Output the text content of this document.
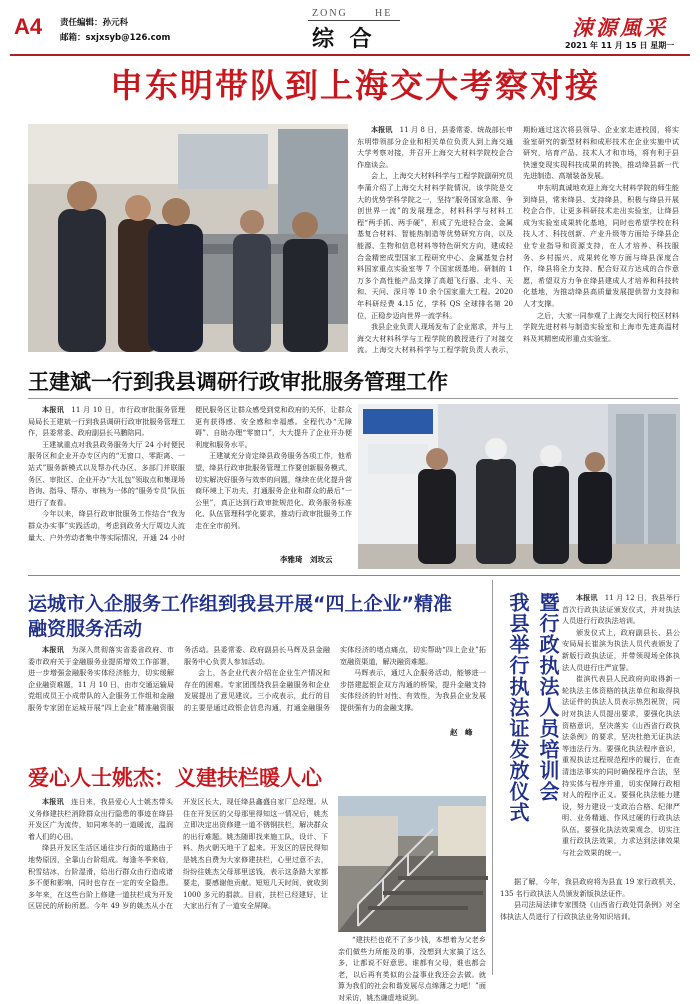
A4 责任编辑：孙元科
邮箱：sxjxsyb@126.com
ZONG	HE
综 合	涑源風采
2021 年 11 月 15 日 星期一
申东明带队到上海交大考察对接

本报讯　11 月 8 日，县委常委、统战部长申东明带领部分企业和相关单位负责人到上海交通大学考察对接，并召开上海交大材料学院校企合作座谈会。

会上，上海交大材料科学与工程学院副研究员李蒲介绍了上海交大材料学院情况，该学院是交大的优势学科学院之一，坚持“服务国家急需、争创世界一流”的发展理念，材料科学与材料工程“两手抓、两手硬”，形成了先进轻合金、金属基复合材料、智能热制造等优势研究方向，以及能源、生物和信息材料等特色研究方向，建成轻合金精密成型国家工程研究中心、金属基复合材料国家重点实验室等 7 个国家级基地。研制的 1 万多个高性能产品支撑了高超飞行器、北斗、天和、天问、深月等 10 余个国家重大工程。2020 年科研经费 4.15 亿，学科 QS 全球排名第 20 位，正稳步迈向世界一流学科。

我县企业负责人现场发布了企业需求，并与上海交大材料科学与工程学院的教授进行了对接交流。上海交大材料科学与工程学院负责人表示，期盼通过这次将县领导、企业家走进校园，将实验室研究的新型材料和成形技术在企业实施中试研究，培育产品、技术人才和市场，将有利于县快速变现实现科技成果的转换，推动绛县新一代先进制造、高端装备发展。

申东明真诚地欢迎上海交大材料学院的师生能到绛县，常来绛县、支持绛县，积极与绛县开展校企合作，让更多科研技术走出实验室，让绛县成为实验室成果转化基地，同时也希望学校在科技人才、科技创新、产业升级等方面给予绛县企业专业指导和资源支持，在人才培养、科技服务、乡村振兴、成果转化等方面与绛县深度合作，绛县将全力支持、配合好双方达成的合作意愿，希望双方力争在绛县建成人才培养和科技转化基地，为推动绛县高质量发展提供智力支持和人才支撑。

之后，大家一同参观了上海交大闵行校区材料学院先进材料与制造实验室和上海市先进高温材料及其精密成形重点实验室。

王建斌一行到我县调研行政审批服务管理工作

本报讯　11 月 10 日，市行政审批服务管理局局长王建斌一行到我县调研行政审批服务管理工作，县委常委、政府副县长马鹏陪同。

王建斌重点对我县政务服务大厅 24 小时便民服务区和企业开办专区内的“无窗口、零距离、一站式”服务新模式以及帮办代办区、多部门并联服务区、审批区、企业开办“大礼包”领取点和集现场咨询、指导、帮办、审核为一体的“服务专员”队伍进行了查看。

今年以来，绛县行政审批服务工作结合“我为群众办实事”实践活动，考虑到政务大厅周边人流量大、户外劳动者集中等实际情况，开通 24 小时便民服务区让群众感受到党和政府的关怀，让群众更有获得感、安全感和幸福感。全程代办“无障碍”、自助办理“零窗口”，大大提升了企业开办便利度和服务水平。

王建斌充分肯定绛县政务服务各项工作，他希望，绛县行政审批服务管理工作要创新服务模式，切实解决好服务与效率的问题，继续在优化提升营商环境上下功夫，打通服务企业和群众的最后“一公里”，真正达到行政审批规范化、政务服务标准化、队伍管理科学化要求，推动行政审批服务工作走在全市前列。

李雅琦　刘玫云
运城市入企服务工作组到我县开展“四上企业”精准融资服务活动

本报讯　为深入贯彻落实省委省政府、市委市政府关于金融服务业提质增效工作部署，进一步增强金融服务实体经济能力，切实缓解企业融资难题，11 月 10 日，由市交通运输局党组成员王小成带队的入企服务工作组和金融服务专家团在运城开展“四上企业”精准融资服务活动。县委常委、政府副县长马辉及县金融服务中心负责人参加活动。

会上，各企业代表介绍在企业生产情况和存在的困难。专家团围绕我县金融服务和企业发展提出了意见建议。三小成表示，此行的目的主要是通过政银企信息沟通，打通金融服务实体经济的堵点痛点，切实帮助“四上企业”拓宽融资渠道，解决融资难题。

马辉表示，通过入企服务活动，能够进一步搭建起银企双方沟通的桥梁，提升金融支持实体经济的针对性、有效性，为我县企业发展提供强有力的金融支撑。

赵　峰
爱心人士姚杰：义建扶栏暖人心

本报讯　连日来，我县爱心人士姚杰带头义务修建扶栏消除群众出行隐患的事迹在绛县开发区广为流传，如同寒冬的一道暖流，温润着人们的心田。

绛县开发区生活区通往步行街的道路由于地势原因，全靠山台阶组成。每逢冬季来临，积雪结冰，台阶湿滑，给出行群众由行造成诸多不便和影响，同时也存在一定的安全隐患。多年来，在这些台阶上修建一道扶栏成为开发区居民的所盼所愿。今年 49 岁的姚杰从小在开发区长大，现任绛县鑫盛自家厂总经理。从住在开发区的父母那里得知这一情况后，姚杰立即决定出资修建一道不锈钢扶栏，解决群众的出行难题。姚杰随即找来施工队，设计、下料、热火朝天地干了起来。开发区的居民得知是姚杰自费为大家修建扶栏，心里过意不去，纷纷往姚杰父母那里送钱，表示这条路大家都要走，要感谢他贡献。短短几天时间，就收到 1000 多元的捐款。目前，扶栏已经建好，让大家出行有了一道安全屏障。

“建扶栏也花不了多少钱，本想着为父老乡亲们做些力所能及的事，没想到大家搞了这么多，让都说不好意思。谁都有父母，谁也都会老，以后再有类似的公益事业我还会去做。就算为我们的社会和谐发展尽点绵薄之力吧！”面对采访，姚杰谦虚地说到。

我县举行执法证发放仪式 暨行政执法人员培训会	本报讯　11 月 12 日，我县举行首次行政执法证颁发仪式，并对执法人员进行行政执法培训。

颁发仪式上，政府副县长、县公安局局长崔滨为执法人员代表颁发了新版行政执法证，并带领现场全体执法人员进行庄严宣誓。

崔滨代表县人民政府向取得新一轮执法主体资格的执法单位和取得执法证件的执法人员表示热烈祝贺，同时对执法人员提出要求，要强化执法资格意识，坚决落实《山西省行政执法条例》的要求，坚决杜绝无证执法等违法行为。要强化执法程序意识，重视执法过程规范程序的履行，在查清违法事实的同时确保程序合法，坚持实体与程序并重，切实保障行政相对人的程序正义。要强化执法能力建设，努力建设一支政治合格、纪律严明、业务精通、作风过硬的行政执法队伍。要强化执法效果观念，切实注重行政执法效果，力求达到法律效果与社会效果的统一。

据了解，今年，我县政府将为县直 19 家行政机关、135 名行政执法人员颁发新版执法证件。

县司法局法律专家围绕《山西省行政处罚条例》对全体执法人员进行了行政执法业务知识培训。
